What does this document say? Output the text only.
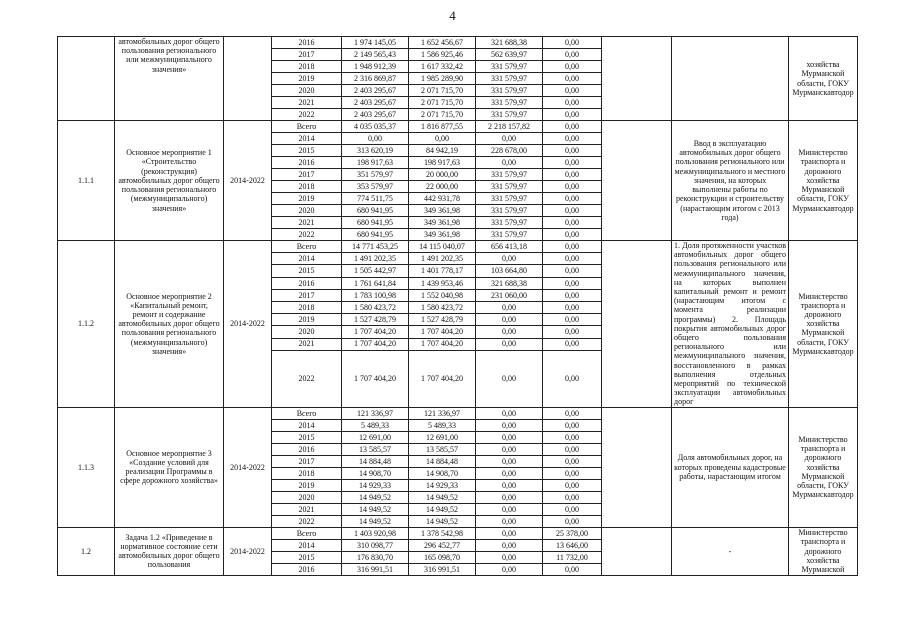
4
	автомобильных дорог общего пользования регионального или межмуниципального значения»		2016	1 974 145,05	1 652 456,67	321 688,38	0,00			хозяйства Мурманской области, ГОКУ Мурманскавтодор
			2017	2 149 565,43	1 586 925,46	562 639,97	0,00			
			2018	1 948 912,39	1 617 332,42	331 579,97	0,00			
			2019	2 316 869,87	1 985 289,90	331 579,97	0,00			
			2020	2 403 295,67	2 071 715,70	331 579,97	0,00			
			2021	2 403 295,67	2 071 715,70	331 579,97	0,00			
			2022	2 403 295,67	2 071 715,70	331 579,97	0,00			
1.1.1	Основное мероприятие 1 «Строительство (реконструкция) автомобильных дорог общего пользования регионального (межмуниципального) значения»	2014-2022	Всего	4 035 035,37	1 816 877,55	2 218 157,82	0,00		Ввод в эксплуатацию автомобильных дорог общего пользования регионального или межмуниципального и местного значения, на которых выполнены работы по реконструкции и строительству (нарастающим итогом с 2013 года)	Министерство транспорта и дорожного хозяйства Мурманской области, ГОКУ Мурманскавтодор
			2014	0,00	0,00	0,00	0,00			
			2015	313 620,19	84 942,19	228 678,00	0,00			
			2016	198 917,63	198 917,63	0,00	0,00			
			2017	351 579,97	20 000,00	331 579,97	0,00			
			2018	353 579,97	22 000,00	331 579,97	0,00			
			2019	774 511,75	442 931,78	331 579,97	0,00			
			2020	680 941,95	349 361,98	331 579,97	0,00			
			2021	680 941,95	349 361,98	331 579,97	0,00			
			2022	680 941,95	349 361,98	331 579,97	0,00			
1.1.2	Основное мероприятие 2 «Капитальный ремонт, ремонт и содержание автомобильных дорог общего пользования регионального (межмуниципального) значения»	2014-2022	Всего	14 771 453,25	14 115 040,07	656 413,18	0,00		1. Доля протяженности участков автомобильных дорог общего пользования регионального или межмуниципального значения, на которых выполнен капитальный ремонт и ремонт (нарастающим итогом с момента реализации программы) 2. Площадь покрытия автомобильных дорог общего пользования регионального или межмуниципального значения, восстановленного в рамках выполнения отдельных мероприятий по технической эксплуатации автомобильных дорог	Министерство транспорта и дорожного хозяйства Мурманской области, ГОКУ Мурманскавтодор
			2014	1 491 202,35	1 491 202,35	0,00	0,00			
			2015	1 505 442,97	1 401 778,17	103 664,80	0,00			
			2016	1 761 641,84	1 439 953,46	321 688,38	0,00			
			2017	1 783 100,98	1 552 040,98	231 060,00	0,00			
			2018	1 580 423,72	1 580 423,72	0,00	0,00			
			2019	1 527 428,79	1 527 428,79	0,00	0,00			
			2020	1 707 404,20	1 707 404,20	0,00	0,00			
			2021	1 707 404,20	1 707 404,20	0,00	0,00			
			2022	1 707 404,20	1 707 404,20	0,00	0,00			
1.1.3	Основное мероприятие 3 «Создание условий для реализации Программы в сфере дорожного хозяйства»	2014-2022	Всего	121 336,97	121 336,97	0,00	0,00		Доля автомобильных дорог, на которых проведены кадастровые работы, нарастающим итогом	Министерство транспорта и дорожного хозяйства Мурманской области, ГОКУ Мурманскавтодор
			2014	5 489,33	5 489,33	0,00	0,00			
			2015	12 691,00	12 691,00	0,00	0,00			
			2016	13 585,57	13 585,57	0,00	0,00			
			2017	14 884,48	14 884,48	0,00	0,00			
			2018	14 908,70	14 908,70	0,00	0,00			
			2019	14 929,33	14 929,33	0,00	0,00			
			2020	14 949,52	14 949,52	0,00	0,00			
			2021	14 949,52	14 949,52	0,00	0,00			
			2022	14 949,52	14 949,52	0,00	0,00			
1.2	Задача 1.2 «Приведение в нормативное состояние сети автомобильных дорог общего пользования	2014-2022	Всего	1 403 920,98	1 378 542,98	0,00	25 378,00		-	Министерство транспорта и дорожного хозяйства Мурманской
			2014	310 098,77	296 452,77	0,00	13 646,00			
			2015	176 830,70	165 098,70	0,00	11 732,00			
			2016	316 991,51	316 991,51	0,00	0,00			
